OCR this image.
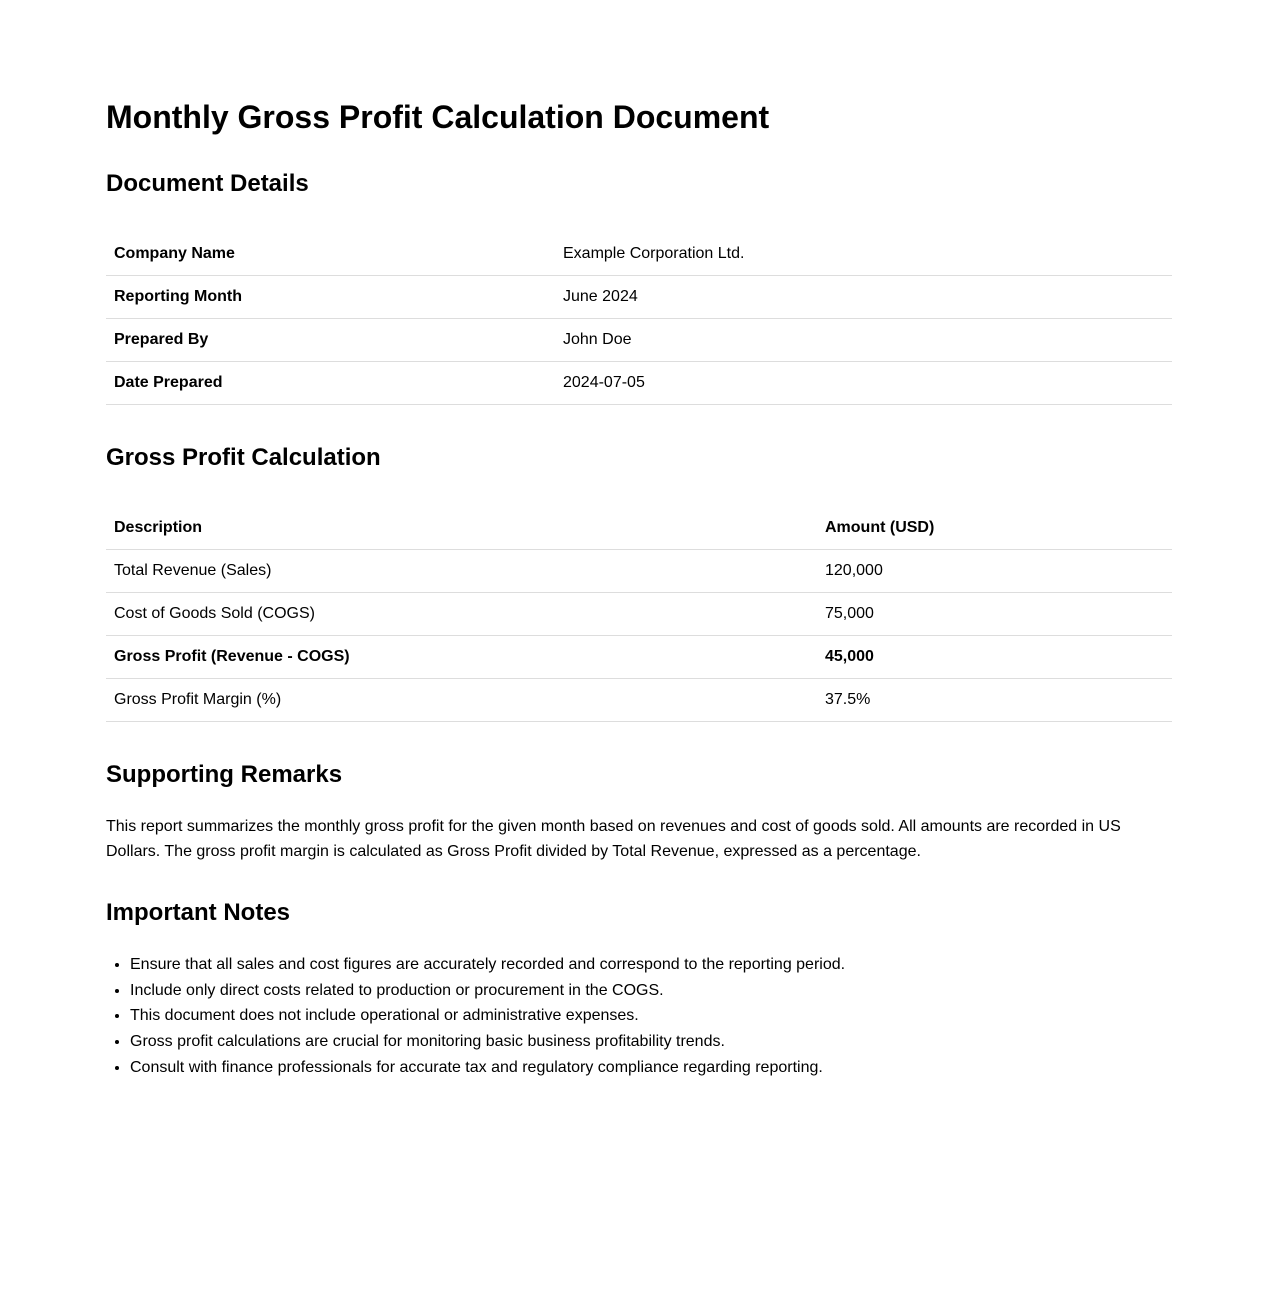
Monthly Gross Profit Calculation Document
Document Details
Company Name	Example Corporation Ltd.
Reporting Month	June 2024
Prepared By	John Doe
Date Prepared	2024-07-05
Gross Profit Calculation
Description	Amount (USD)
Total Revenue (Sales)	120,000
Cost of Goods Sold (COGS)	75,000
Gross Profit (Revenue - COGS)	45,000
Gross Profit Margin (%)	37.5%
Supporting Remarks

This report summarizes the monthly gross profit for the given month based on revenues and cost of goods sold. All amounts are recorded in US Dollars. The gross profit margin is calculated as Gross Profit divided by Total Revenue, expressed as a percentage.

Important Notes
• Ensure that all sales and cost figures are accurately recorded and correspond to the reporting period.
• Include only direct costs related to production or procurement in the COGS.
• This document does not include operational or administrative expenses.
• Gross profit calculations are crucial for monitoring basic business profitability trends.
• Consult with finance professionals for accurate tax and regulatory compliance regarding reporting.
